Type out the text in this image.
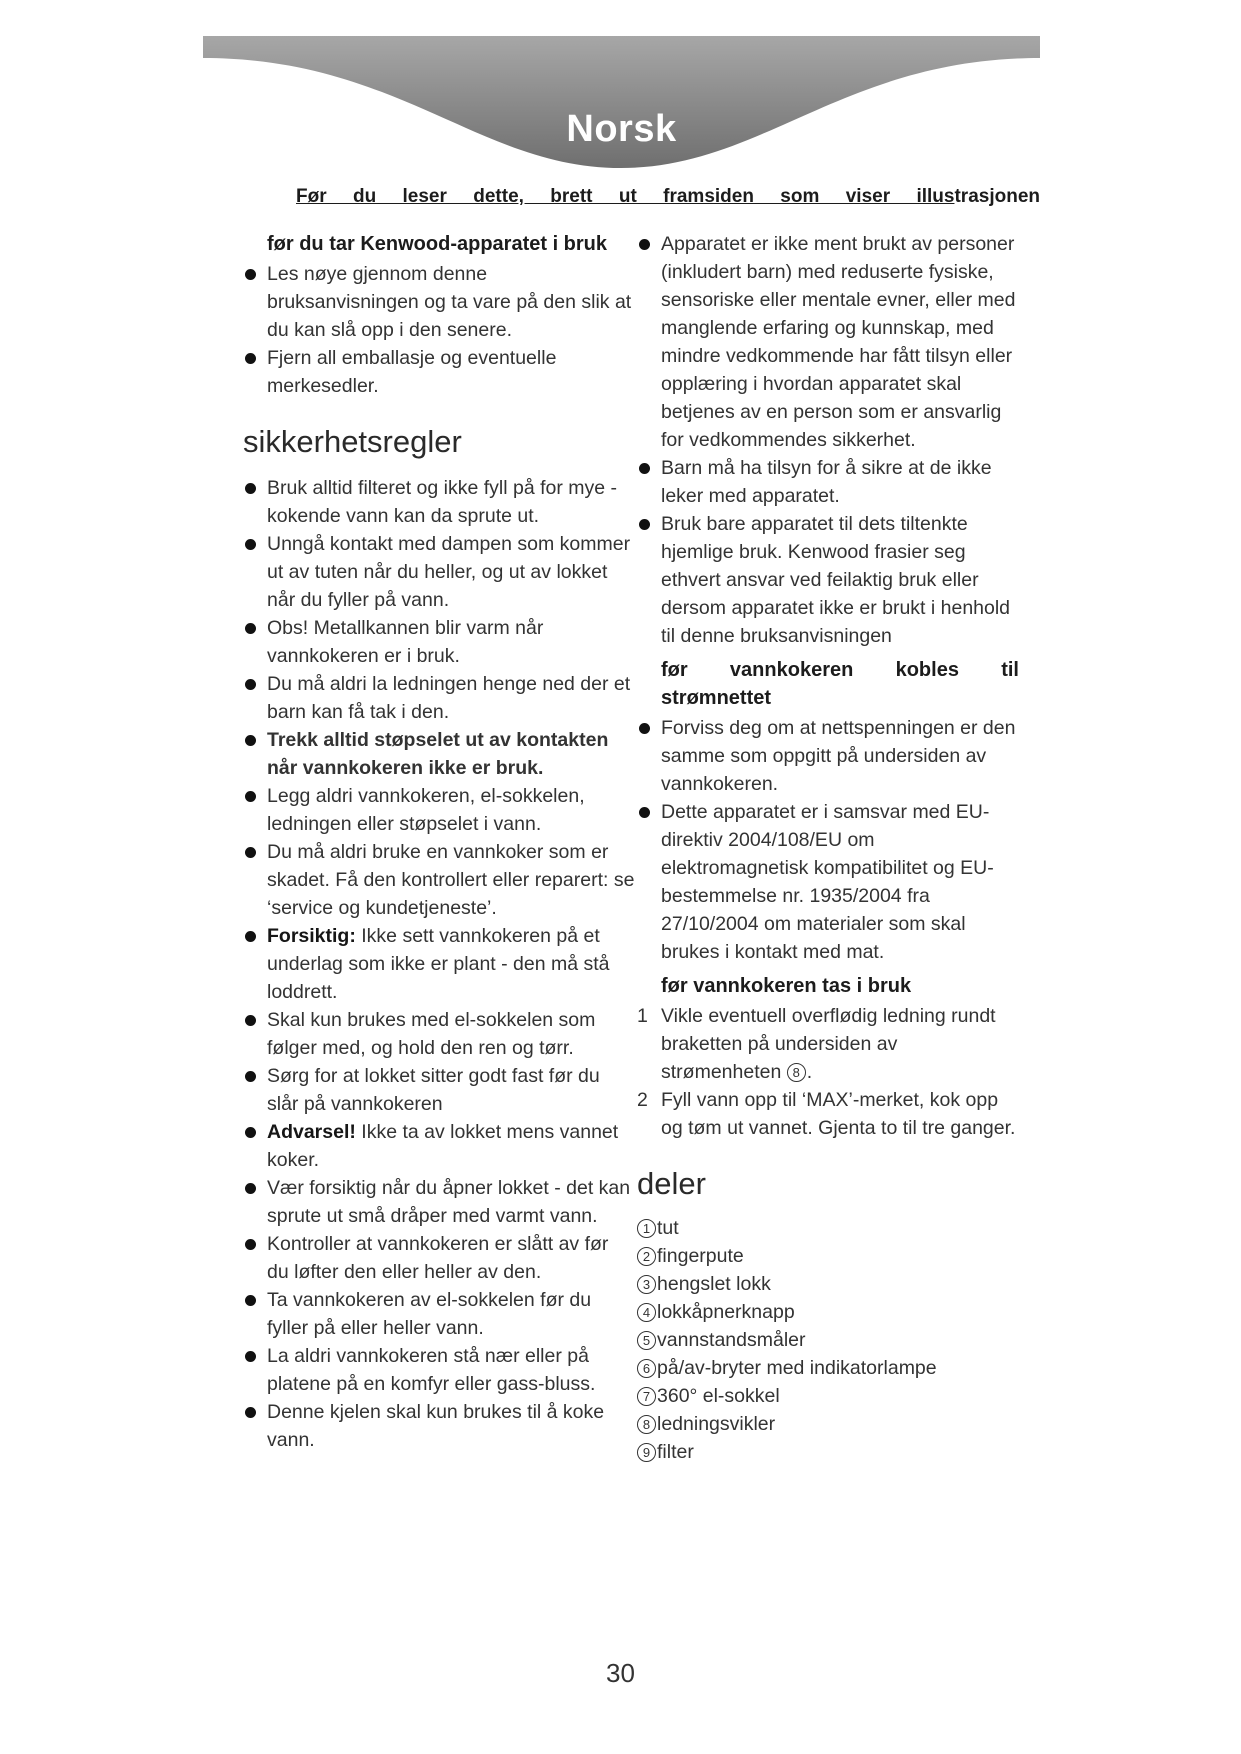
Norsk
Før du leser dette, brett ut framsiden som viser illustrasjonen
før du tar Kenwood-apparatet i bruk
Les nøye gjennom denne bruksanvisningen og ta vare på den slik at du kan slå opp i den senere.
Fjern all emballasje og eventuelle merkesedler.
sikkerhetsregler
Bruk alltid filteret og ikke fyll på for mye - kokende vann kan da sprute ut.
Unngå kontakt med dampen som kommer ut av tuten når du heller, og ut av lokket når du fyller på vann.
Obs! Metallkannen blir varm når vannkokeren er i bruk.
Du må aldri la ledningen henge ned der et barn kan få tak i den.
Trekk alltid støpselet ut av kontakten når vannkokeren ikke er bruk.
Legg aldri vannkokeren, el-sokkelen, ledningen eller støpselet i vann.
Du må aldri bruke en vannkoker som er skadet. Få den kontrollert eller reparert: se ‘service og kundetjeneste’.
Forsiktig: Ikke sett vannkokeren på et underlag som ikke er plant - den må stå loddrett.
Skal kun brukes med el-sokkelen som følger med, og hold den ren og tørr.
Sørg for at lokket sitter godt fast før du slår på vannkokeren
Advarsel! Ikke ta av lokket mens vannet koker.
Vær forsiktig når du åpner lokket - det kan sprute ut små dråper med varmt vann.
Kontroller at vannkokeren er slått av før du løfter den eller heller av den.
Ta vannkokeren av el-sokkelen før du fyller på eller heller vann.
La aldri vannkokeren stå nær eller på platene på en komfyr eller gass-bluss.
Denne kjelen skal kun brukes til å koke vann.
Apparatet er ikke ment brukt av personer (inkludert barn) med reduserte fysiske, sensoriske eller mentale evner, eller med manglende erfaring og kunnskap, med mindre vedkommende har fått tilsyn eller opplæring i hvordan apparatet skal betjenes av en person som er ansvarlig for vedkommendes sikkerhet.
Barn må ha tilsyn for å sikre at de ikke leker med apparatet.
Bruk bare apparatet til dets tiltenkte hjemlige bruk. Kenwood frasier seg ethvert ansvar ved feilaktig bruk eller dersom apparatet ikke er brukt i henhold til denne bruksanvisningen
før vannkokeren kobles til strømnettet
Forviss deg om at nettspenningen er den samme som oppgitt på undersiden av vannkokeren.
Dette apparatet er i samsvar med EU-direktiv 2004/108/EU om elektromagnetisk kompatibilitet og EU-bestemmelse nr. 1935/2004 fra 27/10/2004 om materialer som skal brukes i kontakt med mat.
før vannkokeren tas i bruk
1 Vikle eventuell overflødig ledning rundt braketten på undersiden av strømenheten 8 .
2 Fyll vann opp til ‘MAX’-merket, kok opp og tøm ut vannet. Gjenta to til tre ganger.
deler
1 tut
2 fingerpute
3 hengslet lokk
4 lokkåpnerknapp
5 vannstandsmåler
6 på/av-bryter med indikatorlampe
7 360° el-sokkel
8 ledningsvikler
9 filter
30
